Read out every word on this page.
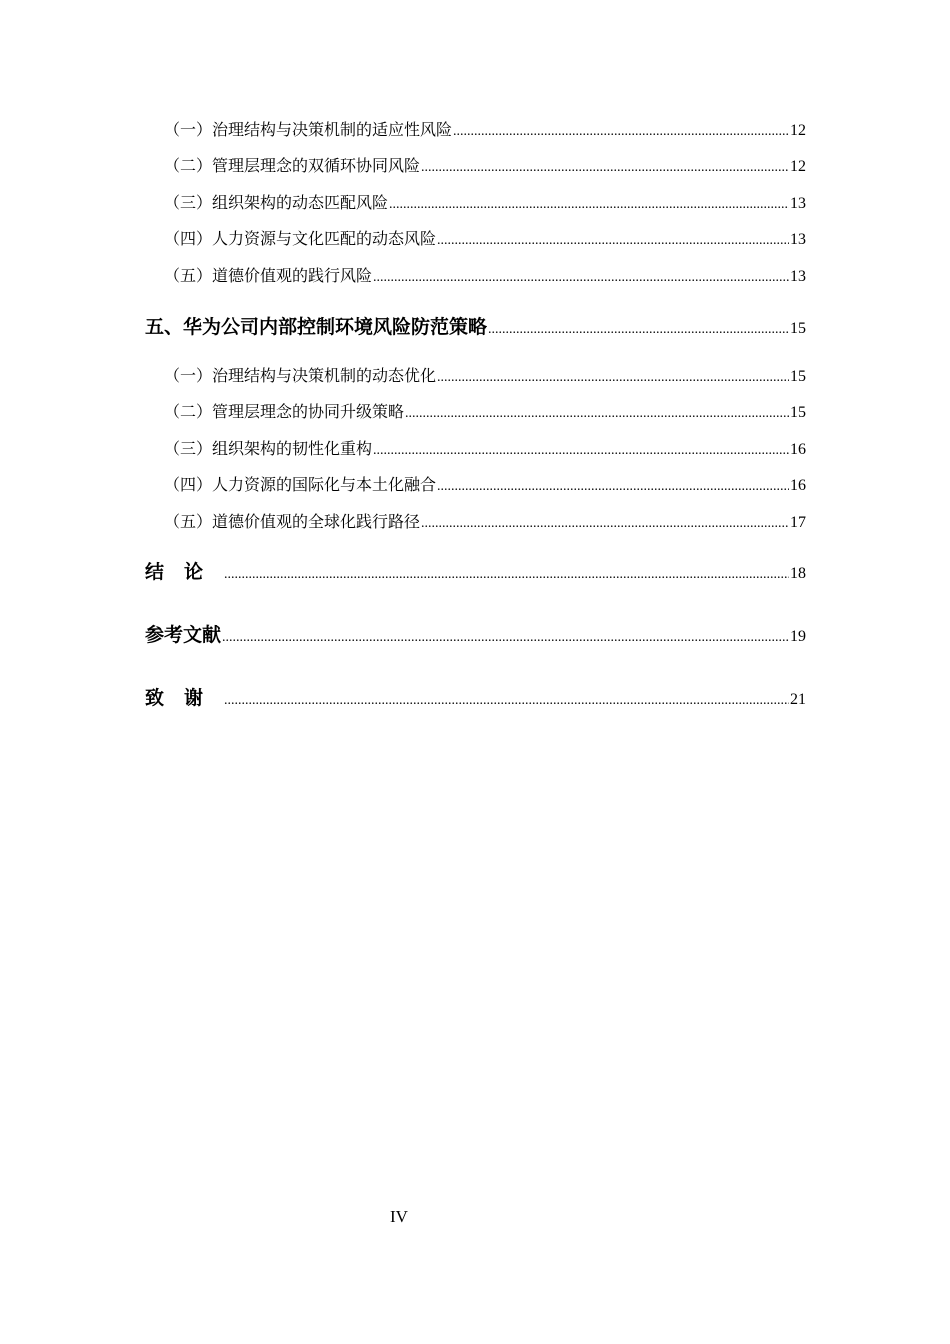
（一）治理结构与决策机制的适应性风险 .....	12
（二）管理层理念的双循环协同风险 .....	12
（三）组织架构的动态匹配风险 .....	13
（四）人力资源与文化匹配的动态风险 .....	13
（五）道德价值观的践行风险 .....	13
五、华为公司内部控制环境风险防范策略 .....	15
（一）治理结构与决策机制的动态优化 .....	15
（二）管理层理念的协同升级策略 .....	15
（三）组织架构的韧性化重构 .....	16
（四）人力资源的国际化与本土化融合 .....	16
（五）道德价值观的全球化践行路径 .....	17
结论 .....	18
参考文献 .....	19
致谢 .....	21
IV
